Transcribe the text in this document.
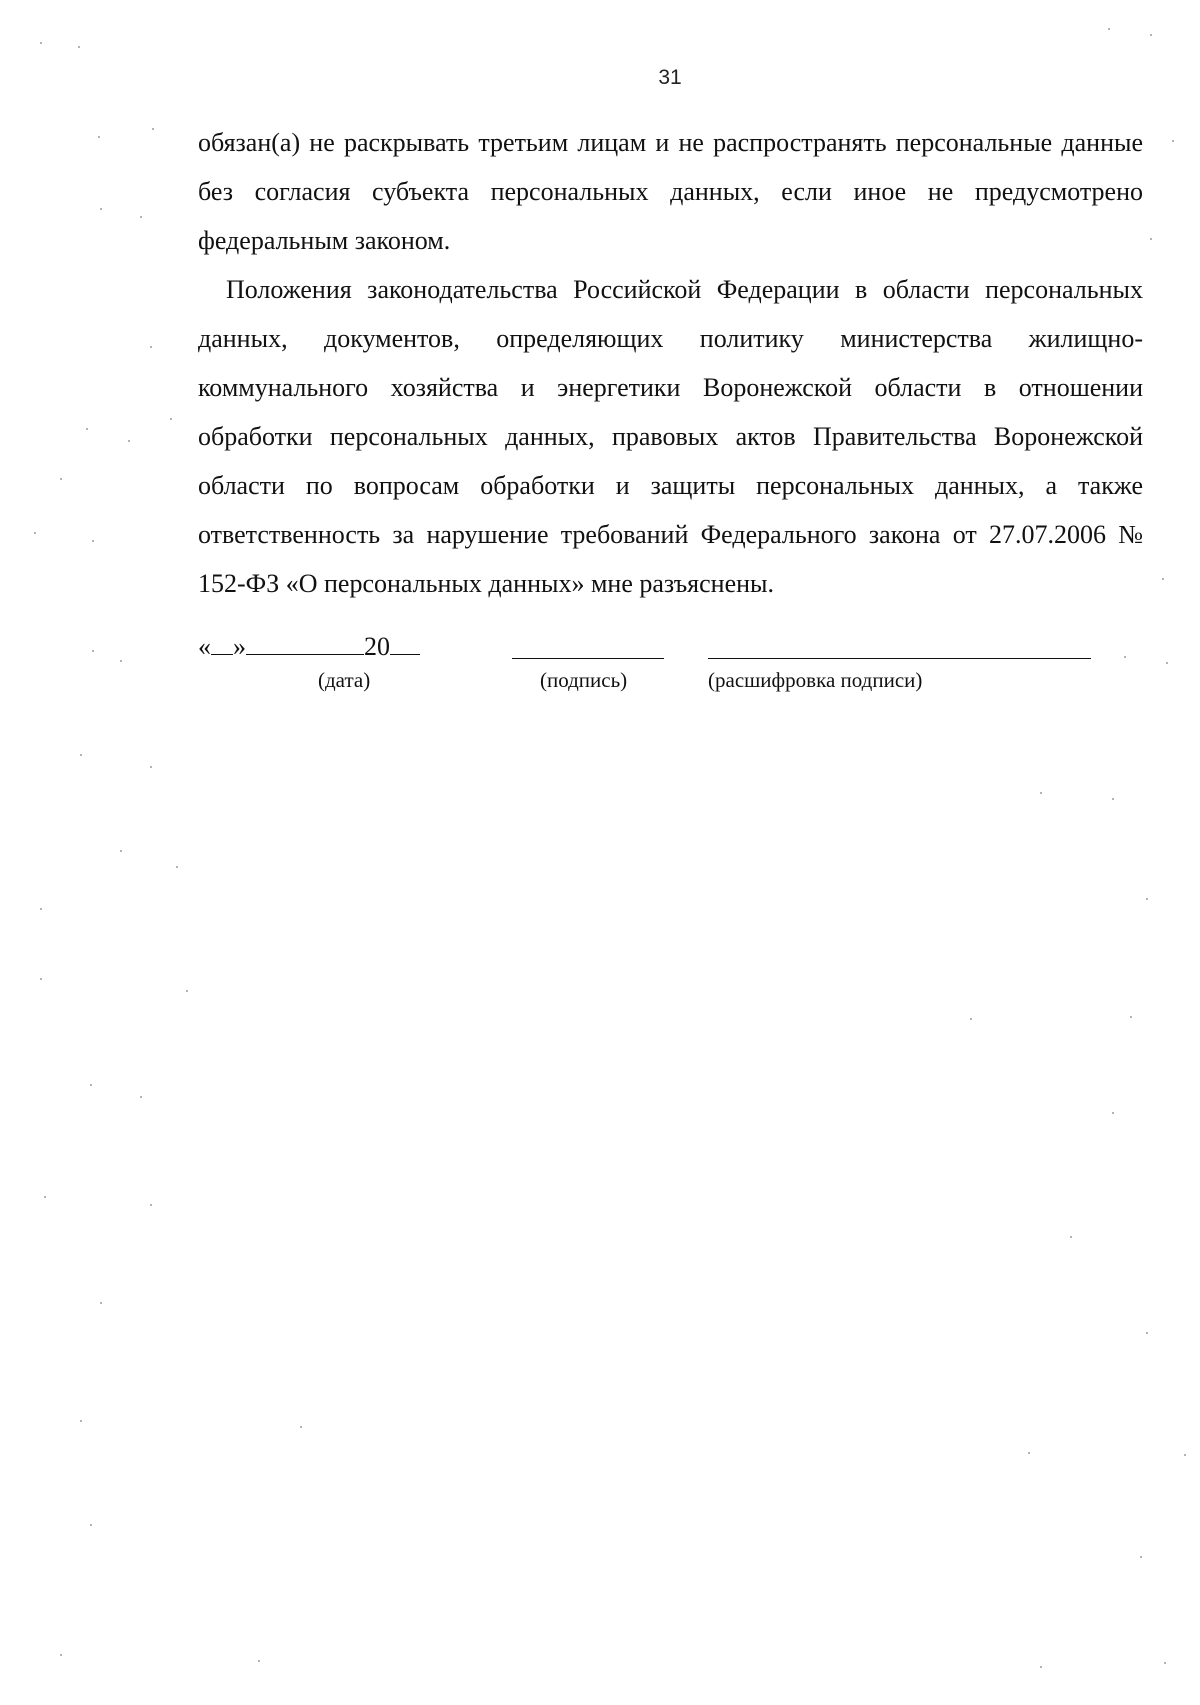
31

обязан(а) не раскрывать третьим лицам и не распространять персональные данные без согласия субъекта персональных данных, если иное не предусмотрено федеральным законом.

Положения законодательства Российской Федерации в области персональных данных, документов, определяющих политику министерства жилищно-коммунального хозяйства и энергетики Воронежской области в отношении обработки персональных данных, правовых актов Правительства Воронежской области по вопросам обработки и защиты персональных данных, а также ответственность за нарушение требований Федерального закона от 27.07.2006 № 152-ФЗ «О персональных данных» мне разъяснены.

« »	20
(дата)	(подпись)	(расшифровка подписи)
